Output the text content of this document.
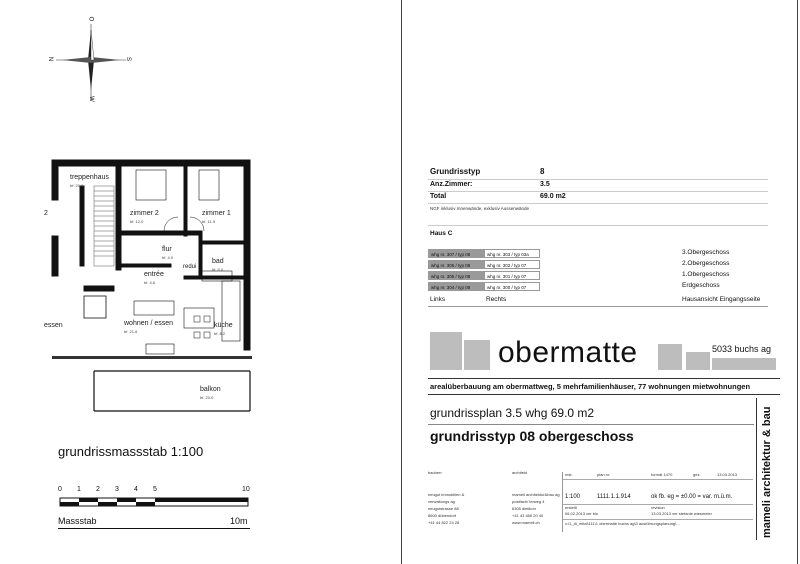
O
N	S
W
treppenhaus
bf. 20.0
zimmer 2
bf. 12.0
zimmer 1
bf. 11.9
flur
bf. 4.0
entrée
bf. 4.6
bad
bf. 5.0
redui
wohnen / essen
bf. 21.6
küche
bf. 8.2
balkon
bf. 20.0
essen
2
grundrissmassstab 1:100
0 1 2 3 4 5	10
Massstab	10m
Grundrisstyp	8
Anz.Zimmer:	3.5
Total	69.0 m2
NGF inklusiv Innenwände, exklusiv Aussenwände
Haus C
whg nr. 307 / typ 08	whg nr. 303 / typ 03a	3.Obergeschoss
whg nr. 306 / typ 08	whg nr. 302 / typ 07	2.Obergeschoss
whg nr. 305 / typ 08	whg nr. 301 / typ 07	1.Obergeschoss
whg nr. 304 / typ 08	whg nr. 300 / typ 07	Erdgeschoss
Links	Rechts	Hausansicht Eingangsseite
obermatte	5033 buchs ag
arealüberbauung am obermattweg, 5 mehrfamilienhäuser, 77 wohnungen mietwohnungen
grundrissplan 3.5 whg 69.0 m2
grundrisstyp 08 obergeschoss	mameli architektur & bau
bauherr
neugut immobilien &
verwaltungs ag
neugutstrasse 88
8600 dübendorf
+41 44 822 24 28
architekt
mameli architektur&bau ag
postfach/ lerweg 4
6305 dietikon
+41 43 466 20 40
www.mameli.ch
mst.	plan nr.	format 1470	gez.	13.03.2013
1:100	1111.1.1.914	ok fb. eg = ±0.00 = var. m.ü.m.
erstellt	revision
06.02.2013 ver blu	13.03.2013 ver stefanie wiesmeier
x:\1_di_mital\111\1 obermatte buchs ag\3 ausführungsplanung\...
